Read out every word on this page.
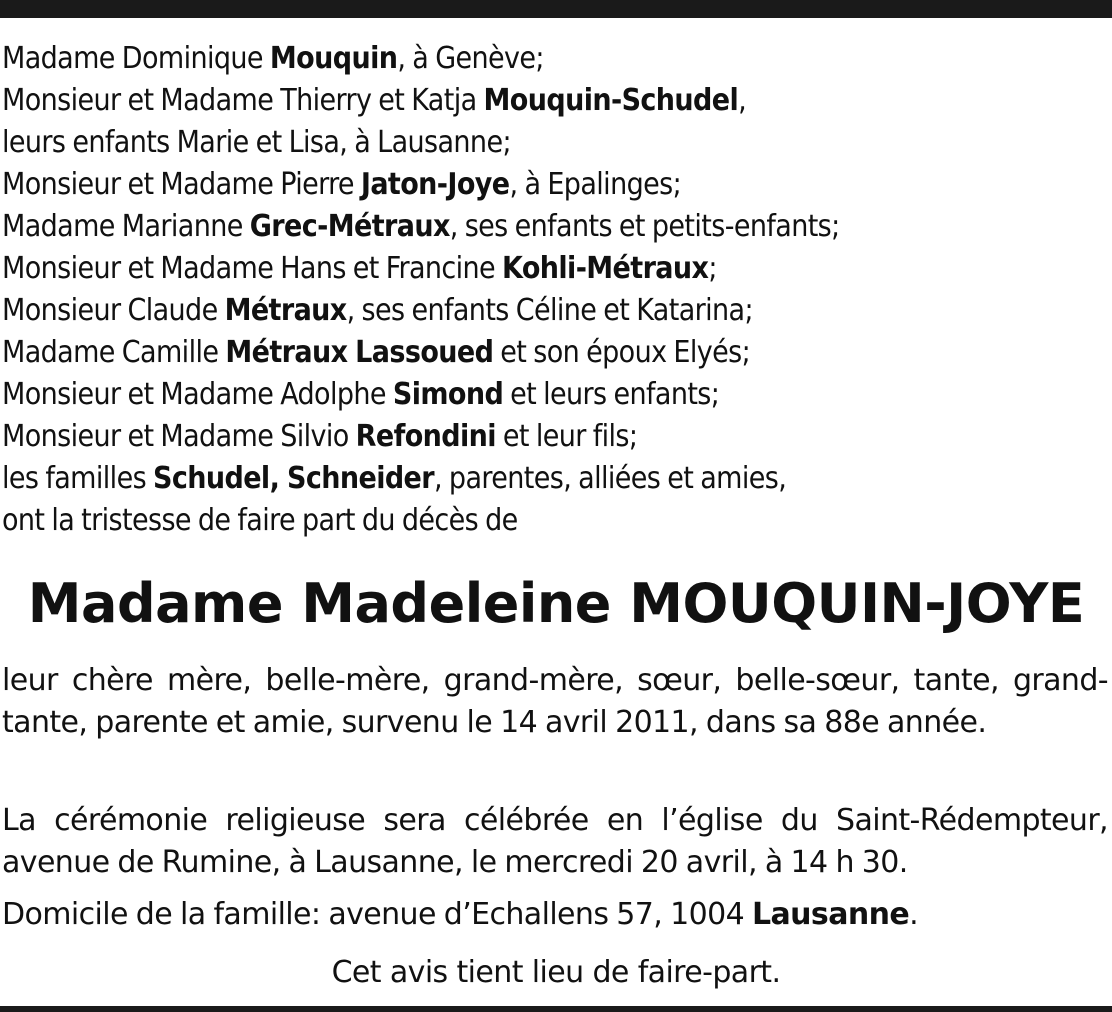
Madame Dominique Mouquin, à Genève;

Monsieur et Madame Thierry et Katja Mouquin-Schudel,

leurs enfants Marie et Lisa, à Lausanne;

Monsieur et Madame Pierre Jaton-Joye, à Epalinges;

Madame Marianne Grec-Métraux, ses enfants et petits-enfants;

Monsieur et Madame Hans et Francine Kohli-Métraux;

Monsieur Claude Métraux, ses enfants Céline et Katarina;

Madame Camille Métraux Lassoued et son époux Elyés;

Monsieur et Madame Adolphe Simond et leurs enfants;

Monsieur et Madame Silvio Refondini et leur fils;

les familles Schudel, Schneider, parentes, alliées et amies,

ont la tristesse de faire part du décès de

Madame Madeleine MOUQUIN-JOYE

leur chère mère, belle-mère, grand-mère, sœur, belle-sœur, tante, grand-tante, parente et amie, survenu le 14 avril 2011, dans sa 88e année.

La cérémonie religieuse sera célébrée en l’église du Saint-Rédempteur, avenue de Rumine, à Lausanne, le mercredi 20 avril, à 14 h 30.

Domicile de la famille: avenue d’Echallens 57, 1004 Lausanne.

Cet avis tient lieu de faire-part.
